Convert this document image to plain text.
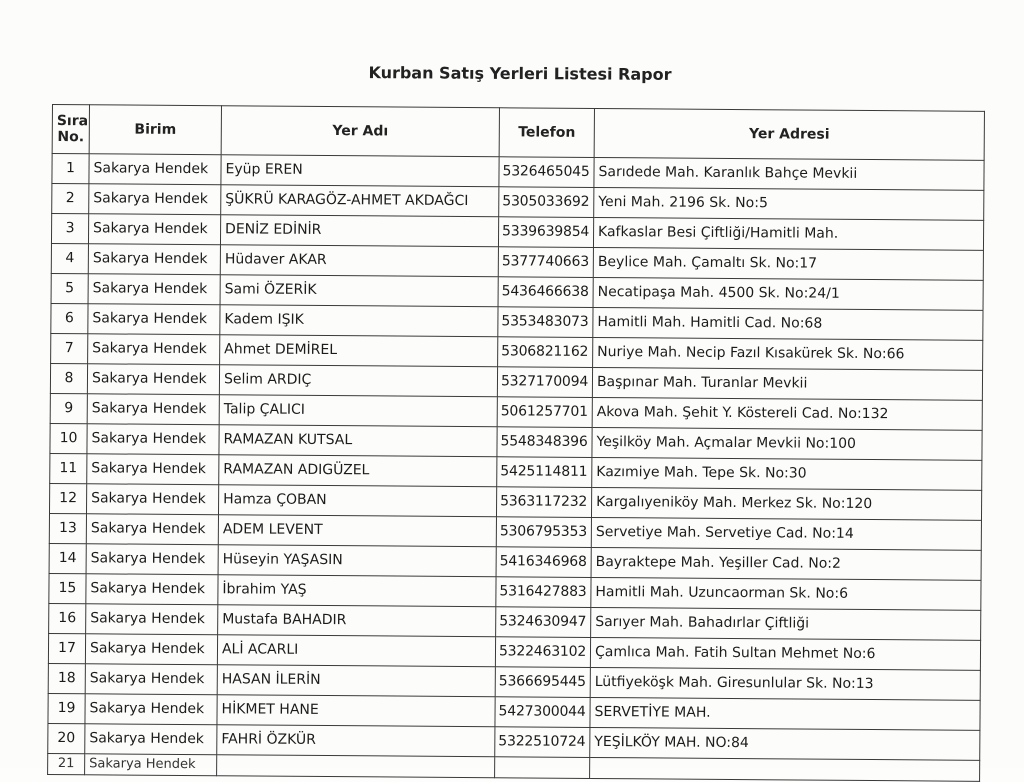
Kurban Satış Yerleri Listesi Rapor
Sıra
No.	Birim	Yer Adı	Telefon	Yer Adresi
1	Sakarya Hendek	Eyüp EREN	5326465045	Sarıdede Mah. Karanlık Bahçe Mevkii
2	Sakarya Hendek	ŞÜKRÜ KARAGÖZ-AHMET AKDAĞCI	5305033692	Yeni Mah. 2196 Sk. No:5
3	Sakarya Hendek	DENİZ EDİNİR	5339639854	Kafkaslar Besi Çiftliği/Hamitli Mah.
4	Sakarya Hendek	Hüdaver AKAR	5377740663	Beylice Mah. Çamaltı Sk. No:17
5	Sakarya Hendek	Sami ÖZERİK	5436466638	Necatipaşa Mah. 4500 Sk. No:24/1
6	Sakarya Hendek	Kadem IŞIK	5353483073	Hamitli Mah. Hamitli Cad. No:68
7	Sakarya Hendek	Ahmet DEMİREL	5306821162	Nuriye Mah. Necip Fazıl Kısakürek Sk. No:66
8	Sakarya Hendek	Selim ARDIÇ	5327170094	Başpınar Mah. Turanlar Mevkii
9	Sakarya Hendek	Talip ÇALICI	5061257701	Akova Mah. Şehit Y. Köstereli Cad. No:132
10	Sakarya Hendek	RAMAZAN KUTSAL	5548348396	Yeşilköy Mah. Açmalar Mevkii No:100
11	Sakarya Hendek	RAMAZAN ADIGÜZEL	5425114811	Kazımiye Mah. Tepe Sk. No:30
12	Sakarya Hendek	Hamza ÇOBAN	5363117232	Kargalıyeniköy Mah. Merkez Sk. No:120
13	Sakarya Hendek	ADEM LEVENT	5306795353	Servetiye Mah. Servetiye Cad. No:14
14	Sakarya Hendek	Hüseyin YAŞASIN	5416346968	Bayraktepe Mah. Yeşiller Cad. No:2
15	Sakarya Hendek	İbrahim YAŞ	5316427883	Hamitli Mah. Uzuncaorman Sk. No:6
16	Sakarya Hendek	Mustafa BAHADIR	5324630947	Sarıyer Mah. Bahadırlar Çiftliği
17	Sakarya Hendek	ALİ ACARLI	5322463102	Çamlıca Mah. Fatih Sultan Mehmet No:6
18	Sakarya Hendek	HASAN İLERİN	5366695445	Lütfiyeköşk Mah. Giresunlular Sk. No:13
19	Sakarya Hendek	HİKMET HANE	5427300044	SERVETİYE MAH.
20	Sakarya Hendek	FAHRİ ÖZKÜR	5322510724	YEŞİLKÖY MAH. NO:84
21	Sakarya Hendek			
